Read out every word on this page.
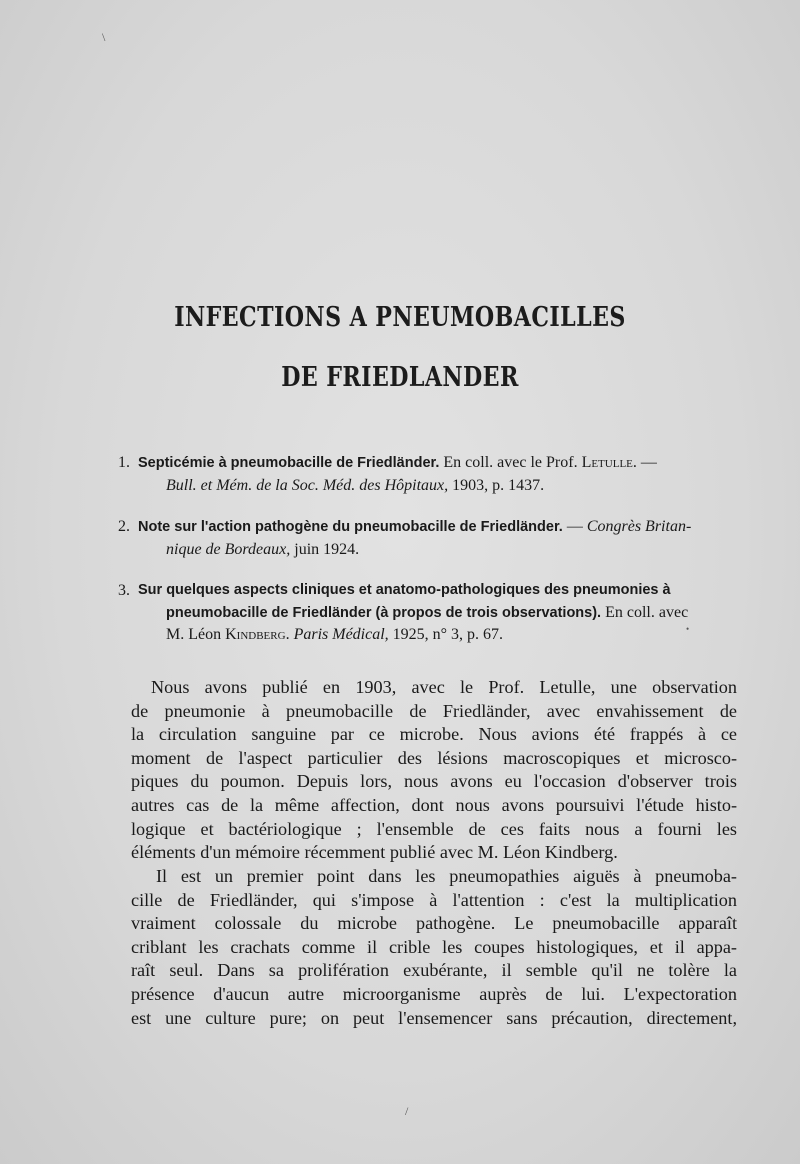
\
INFECTIONS A PNEUMOBACILLES
DE FRIEDLANDER
1. Septicémie à pneumobacille de Friedländer. En coll. avec le Prof. Letulle. —
Bull. et Mém. de la Soc. Méd. des Hôpitaux, 1903, p. 1437.
2. Note sur l'action pathogène du pneumobacille de Friedländer. — Congrès Britan-
nique de Bordeaux, juin 1924.
3. Sur quelques aspects cliniques et anatomo-pathologiques des pneumonies à
pneumobacille de Friedländer (à propos de trois observations). En coll. avec
M. Léon Kindberg. Paris Médical, 1925, n° 3, p. 67.
Nous avons publié en 1903, avec le Prof. Letulle, une observation
de pneumonie à pneumobacille de Friedländer, avec envahissement de
la circulation sanguine par ce microbe. Nous avions été frappés à ce
moment de l'aspect particulier des lésions macroscopiques et microsco-
piques du poumon. Depuis lors, nous avons eu l'occasion d'observer trois
autres cas de la même affection, dont nous avons poursuivi l'étude histo-
logique et bactériologique ; l'ensemble de ces faits nous a fourni les
éléments d'un mémoire récemment publié avec M. Léon Kindberg.
Il est un premier point dans les pneumopathies aiguës à pneumoba-
cille de Friedländer, qui s'impose à l'attention : c'est la multiplication
vraiment colossale du microbe pathogène. Le pneumobacille apparaît
criblant les crachats comme il crible les coupes histologiques, et il appa-
raît seul. Dans sa prolifération exubérante, il semble qu'il ne tolère la
présence d'aucun autre microorganisme auprès de lui. L'expectoration
est une culture pure; on peut l'ensemencer sans précaution, directement,
/
•
